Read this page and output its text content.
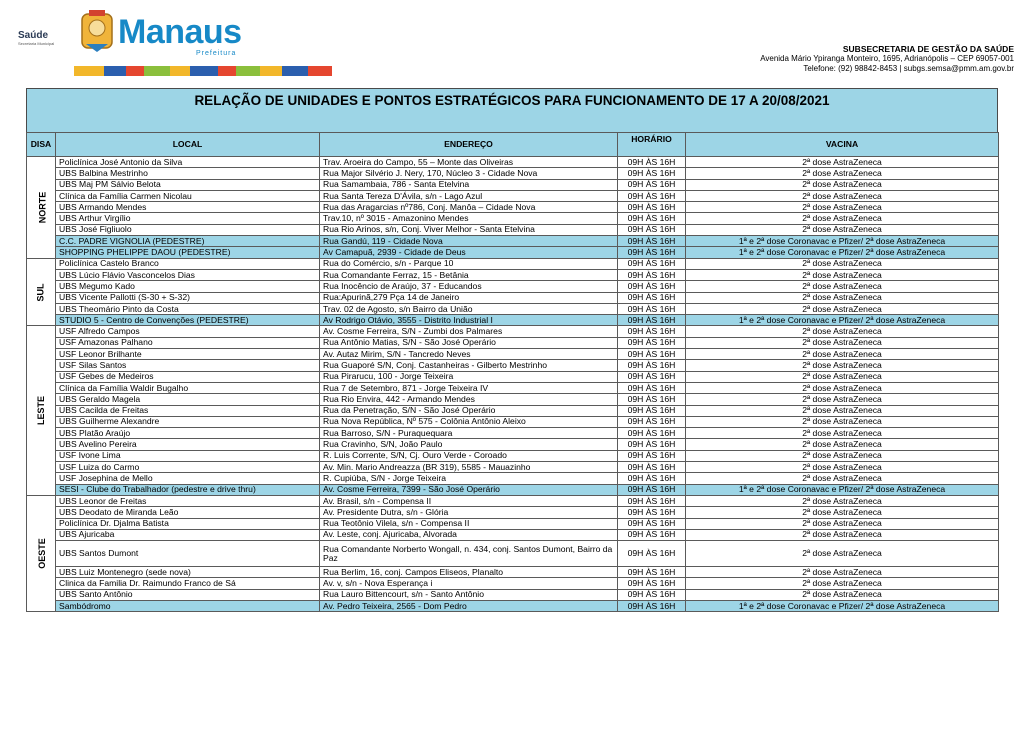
Saúde
Secretaria Municipal Manaus
Prefeitura	SUBSECRETARIA DE GESTÃO DA SAÚDE
Avenida Mário Ypiranga Monteiro, 1695, Adrianópolis – CEP 69057-001
Telefone: (92) 98842-8453 | subgs.semsa@pmm.am.gov.br
RELAÇÃO DE UNIDADES E PONTOS ESTRATÉGICOS PARA FUNCIONAMENTO DE 17 A 20/08/2021
DISA	LOCAL	ENDEREÇO	HORÁRIO	VACINA
NORTE	Policlínica José Antonio da Silva	Trav. Aroeira do Campo, 55 – Monte das Oliveiras	09H ÀS 16H	2ª dose AstraZeneca
	UBS Balbina Mestrinho	Rua Major Silvério J. Nery, 170, Núcleo 3 - Cidade Nova	09H ÀS 16H	2ª dose AstraZeneca
	UBS Maj PM Sálvio Belota	Rua Samambaia, 786 - Santa Etelvina	09H ÀS 16H	2ª dose AstraZeneca
	Clínica da Família Carmen Nicolau	Rua Santa Tereza D'Ávila, s/n - Lago Azul	09H ÀS 16H	2ª dose AstraZeneca
	UBS Armando Mendes	Rua das Aragarcias nº786, Conj. Manôa – Cidade Nova	09H ÀS 16H	2ª dose AstraZeneca
	UBS Arthur Virgílio	Trav.10, nº 3015 - Amazonino Mendes	09H ÀS 16H	2ª dose AstraZeneca
	UBS José Figliuolo	Rua Rio Arinos, s/n, Conj. Viver Melhor - Santa Etelvina	09H ÀS 16H	2ª dose AstraZeneca
	C.C. PADRE VIGNOLIA (PEDESTRE)	Rua Gandú, 119 - Cidade Nova	09H ÀS 16H	1ª e 2ª dose Coronavac e Pfizer/ 2ª dose AstraZeneca
	SHOPPING PHELIPPE DAOU (PEDESTRE)	Av Camapuã, 2939 - Cidade de Deus	09H ÀS 16H	1ª e 2ª dose Coronavac e Pfizer/ 2ª dose AstraZeneca
SUL	Policlínica Castelo Branco	Rua do Comércio, s/n - Parque 10	09H ÀS 16H	2ª dose AstraZeneca
	UBS Lúcio Flávio Vasconcelos Dias	Rua Comandante Ferraz, 15 - Betânia	09H ÀS 16H	2ª dose AstraZeneca
	UBS Megumo Kado	Rua Inocêncio de Araújo, 37 - Educandos	09H ÀS 16H	2ª dose AstraZeneca
	UBS Vicente Pallotti (S-30 + S-32)	Rua:Apurinã,279 Pça 14 de Janeiro	09H ÀS 16H	2ª dose AstraZeneca
	UBS Theomário Pinto da Costa	Trav. 02 de Agosto, s/n Bairro da União	09H ÀS 16H	2ª dose AstraZeneca
	STUDIO 5 - Centro de Convenções (PEDESTRE)	Av Rodrigo Otávio, 3555 - Distrito Industrial I	09H ÀS 16H	1ª e 2ª dose Coronavac e Pfizer/ 2ª dose AstraZeneca
LESTE	USF Alfredo Campos	Av. Cosme Ferreira, S/N - Zumbi dos Palmares	09H ÀS 16H	2ª dose AstraZeneca
	USF Amazonas Palhano	Rua Antônio Matias, S/N - São José Operário	09H ÀS 16H	2ª dose AstraZeneca
	USF Leonor Brilhante	Av. Autaz Mirim, S/N - Tancredo Neves	09H ÀS 16H	2ª dose AstraZeneca
	USF Silas Santos	Rua Guaporé S/N, Conj. Castanheiras - Gilberto Mestrinho	09H ÀS 16H	2ª dose AstraZeneca
	USF Gebes de Medeiros	Rua Pirarucu, 100 - Jorge Teixeira	09H ÀS 16H	2ª dose AstraZeneca
	Clínica da Família Waldir Bugalho	Rua 7 de Setembro, 871 - Jorge Teixeira IV	09H ÀS 16H	2ª dose AstraZeneca
	UBS Geraldo Magela	Rua Rio Envira, 442 - Armando Mendes	09H ÀS 16H	2ª dose AstraZeneca
	UBS Cacilda de Freitas	Rua da Penetração, S/N - São José Operário	09H ÀS 16H	2ª dose AstraZeneca
	UBS Guilherme Alexandre	Rua Nova República, Nº 575 - Colônia Antônio Aleixo	09H ÀS 16H	2ª dose AstraZeneca
	UBS Platão Araújo	Rua Barroso, S/N - Puraquequara	09H ÀS 16H	2ª dose AstraZeneca
	UBS Avelino Pereira	Rua Cravinho, S/N, João Paulo	09H ÀS 16H	2ª dose AstraZeneca
	USF Ivone Lima	R. Luis Corrente, S/N, Cj. Ouro Verde - Coroado	09H ÀS 16H	2ª dose AstraZeneca
	USF Luiza do Carmo	Av. Min. Mario Andreazza (BR 319), 5585 - Mauazinho	09H ÀS 16H	2ª dose AstraZeneca
	USF Josephina de Mello	R. Cupiúba, S/N - Jorge Teixeira	09H ÀS 16H	2ª dose AstraZeneca
	SESI - Clube do Trabalhador (pedestre e drive thru)	Av. Cosme Ferreira, 7399 - São José Operário	09H ÀS 16H	1ª e 2ª dose Coronavac e Pfizer/ 2ª dose AstraZeneca
OESTE	UBS Leonor de Freitas	Av. Brasil, s/n - Compensa II	09H ÀS 16H	2ª dose AstraZeneca
	UBS Deodato de Miranda Leão	Av. Presidente Dutra, s/n - Glória	09H ÀS 16H	2ª dose AstraZeneca
	Policlínica Dr. Djalma Batista	Rua Teotônio Vilela, s/n - Compensa II	09H ÀS 16H	2ª dose AstraZeneca
	UBS Ajuricaba	Av. Leste, conj. Ajuricaba, Alvorada	09H ÀS 16H	2ª dose AstraZeneca
	UBS Santos Dumont	Rua Comandante Norberto Wongall, n. 434, conj. Santos Dumont, Bairro da Paz	09H ÀS 16H	2ª dose AstraZeneca
	UBS Luiz Montenegro (sede nova)	Rua Berlim, 16, conj. Campos Eliseos, Planalto	09H ÀS 16H	2ª dose AstraZeneca
	Clinica da Familia Dr. Raimundo Franco de Sá	Av. v, s/n - Nova Esperança i	09H ÀS 16H	2ª dose AstraZeneca
	UBS Santo Antônio	Rua Lauro Bittencourt, s/n - Santo Antônio	09H ÀS 16H	2ª dose AstraZeneca
	Sambódromo	Av. Pedro Teixeira, 2565 - Dom Pedro	09H ÀS 16H	1ª e 2ª dose Coronavac e Pfizer/ 2ª dose AstraZeneca
